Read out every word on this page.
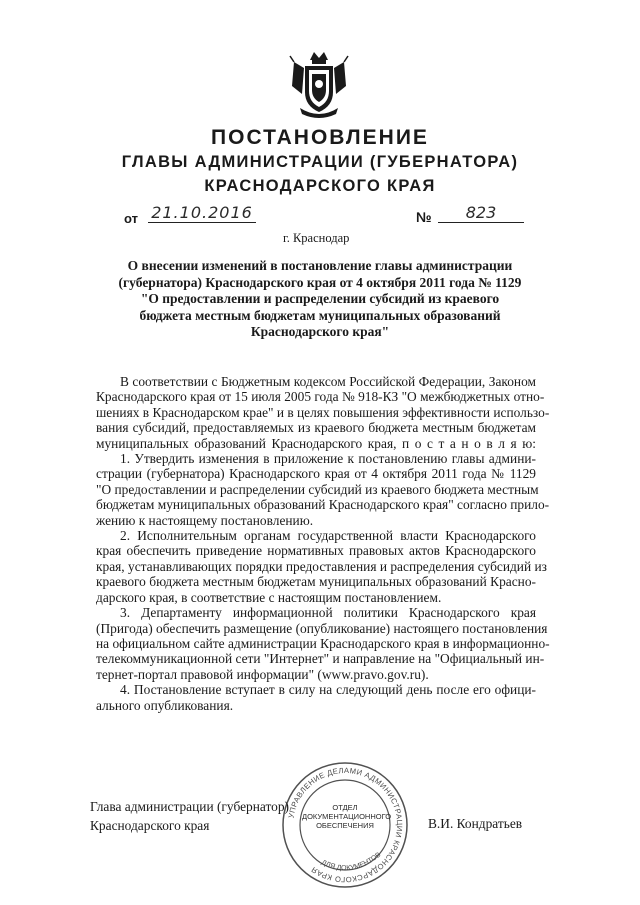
ПОСТАНОВЛЕНИЕ
ГЛАВЫ АДМИНИСТРАЦИИ (ГУБЕРНАТОРА)
КРАСНОДАРСКОГО КРАЯ
от 21.10.2016	№	823
г. Краснодар
О внесении изменений в постановление главы администрации
(губернатора) Краснодарского края от 4 октября 2011 года № 1129
"О предоставлении и распределении субсидий из краевого
бюджета местным бюджетам муниципальных образований
Краснодарского края"
В соответствии с Бюджетным кодексом Российской Федерации, Законом
Краснодарского края от 15 июля 2005 года № 918-КЗ "О межбюджетных отно-
шениях в Краснодарском крае" и в целях повышения эффективности использо-
вания субсидий, предоставляемых из краевого бюджета местным бюджетам
муниципальных образований Краснодарского края, п о с т а н о в л я ю:
1. Утвердить изменения в приложение к постановлению главы админи-
страции (губернатора) Краснодарского края от 4 октября 2011 года № 1129
"О предоставлении и распределении субсидий из краевого бюджета местным
бюджетам муниципальных образований Краснодарского края" согласно прило-
жению к настоящему постановлению.
2. Исполнительным органам государственной власти Краснодарского
края обеспечить приведение нормативных правовых актов Краснодарского
края, устанавливающих порядки предоставления и распределения субсидий из
краевого бюджета местным бюджетам муниципальных образований Красно-
дарского края, в соответствие с настоящим постановлением.
3. Департаменту информационной политики Краснодарского края
(Пригода) обеспечить размещение (опубликование) настоящего постановления
на официальном сайте администрации Краснодарского края в информационно-
телекоммуникационной сети "Интернет" и направление на "Официальный ин-
тернет-портал правовой информации" (www.pravo.gov.ru).
4. Постановление вступает в силу на следующий день после его офици-
ального опубликования.
УПРАВЛЕНИЕ ДЕЛАМИ АДМИНИСТРАЦИИ КРАСНОДАРСКОГО КРАЯ
ДЛЯ ДОКУМЕНТОВ
ОТДЕЛ
ДОКУМЕНТАЦИОННОГО
ОБЕСПЕЧЕНИЯ
Глава администрации (губернатор)
Краснодарского края	В.И. Кондратьев
